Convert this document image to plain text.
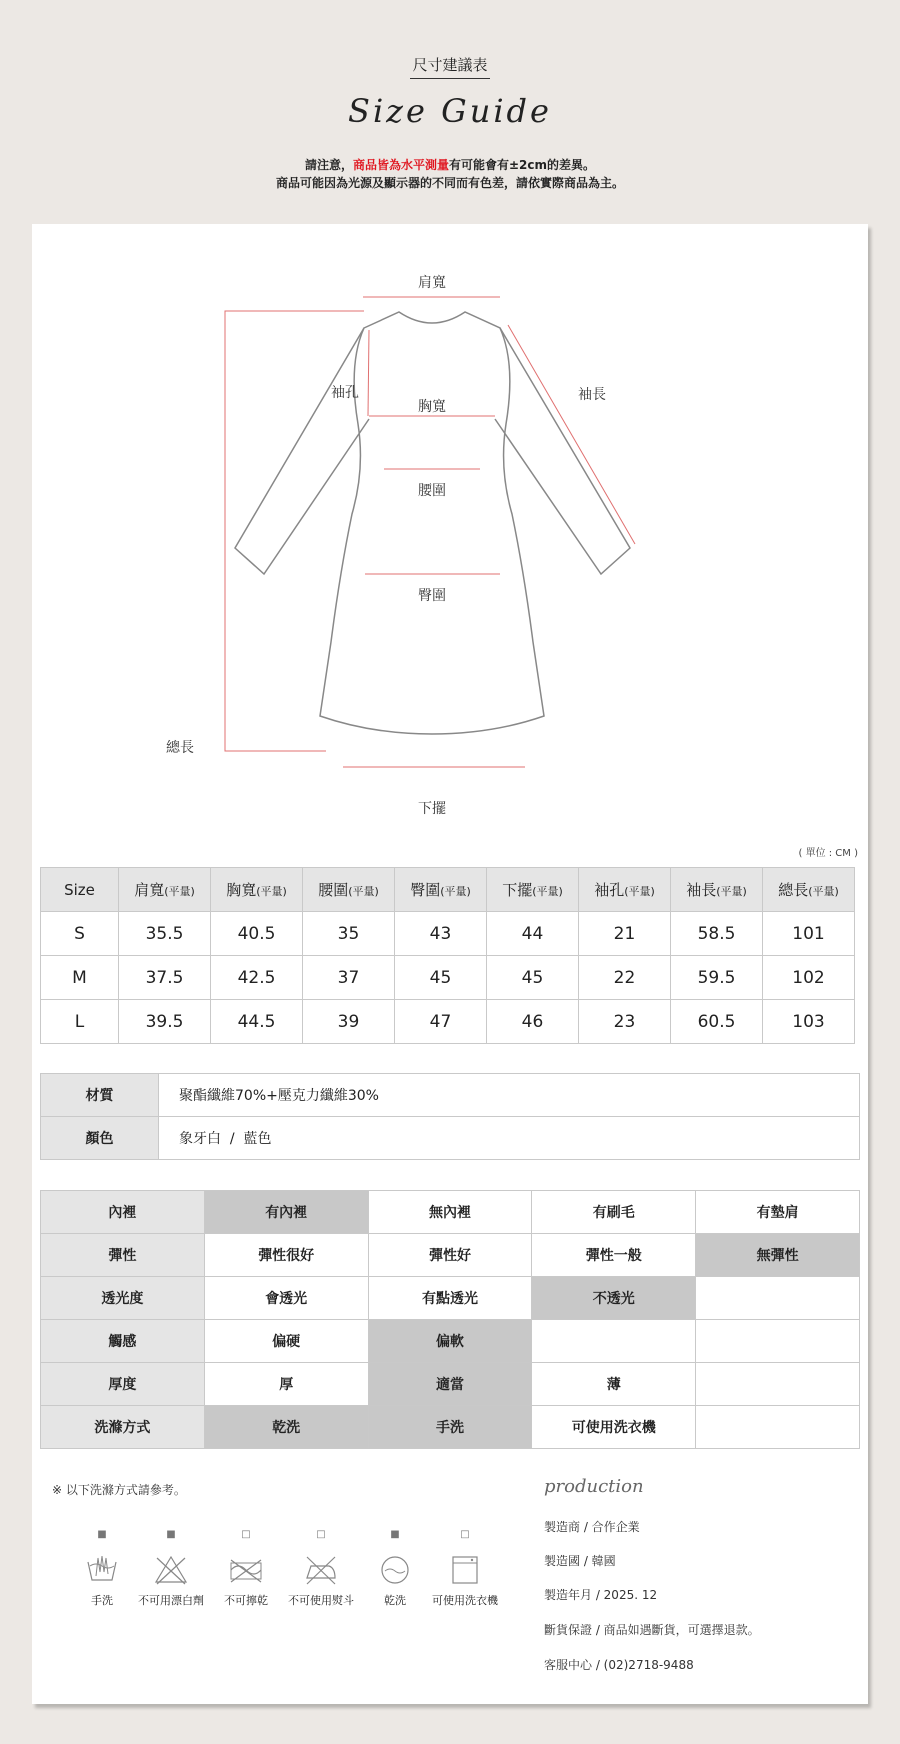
尺寸建議表
Size Guide
請注意，商品皆為水平測量有可能會有±2cm的差異。
商品可能因為光源及顯示器的不同而有色差，請依實際商品為主。
肩寬
袖孔	袖長
胸寬
腰圍
臀圍
總長
下擺
( 單位 : CM )
Size	肩寬(平量)	胸寬(平量)	腰圍(平量)	臀圍(平量)	下擺(平量)	袖孔(平量)	袖長(平量)	總長(平量)
S	35.5	40.5	35	43	44	21	58.5	101
M	37.5	42.5	37	45	45	22	59.5	102
L	39.5	44.5	39	47	46	23	60.5	103
材質	聚酯纖維70%+壓克力纖維30%
顏色	象牙白  /  藍色
內裡	有內裡	無內裡	有刷毛	有墊肩
彈性	彈性很好	彈性好	彈性一般	無彈性
透光度	會透光	有點透光	不透光	
觸感	偏硬	偏軟		
厚度	厚	適當	薄	
洗滌方式	乾洗	手洗	可使用洗衣機	
※ 以下洗滌方式請參考。
■
手洗
■
不可用漂白劑
□
不可擰乾
□
不可使用熨斗
■
乾洗
□
可使用洗衣機
production
製造商 / 合作企業
製造國 / 韓國
製造年月 / 2025. 12
斷貨保證 / 商品如遇斷貨，可選擇退款。
客服中心 / (02)2718-9488
